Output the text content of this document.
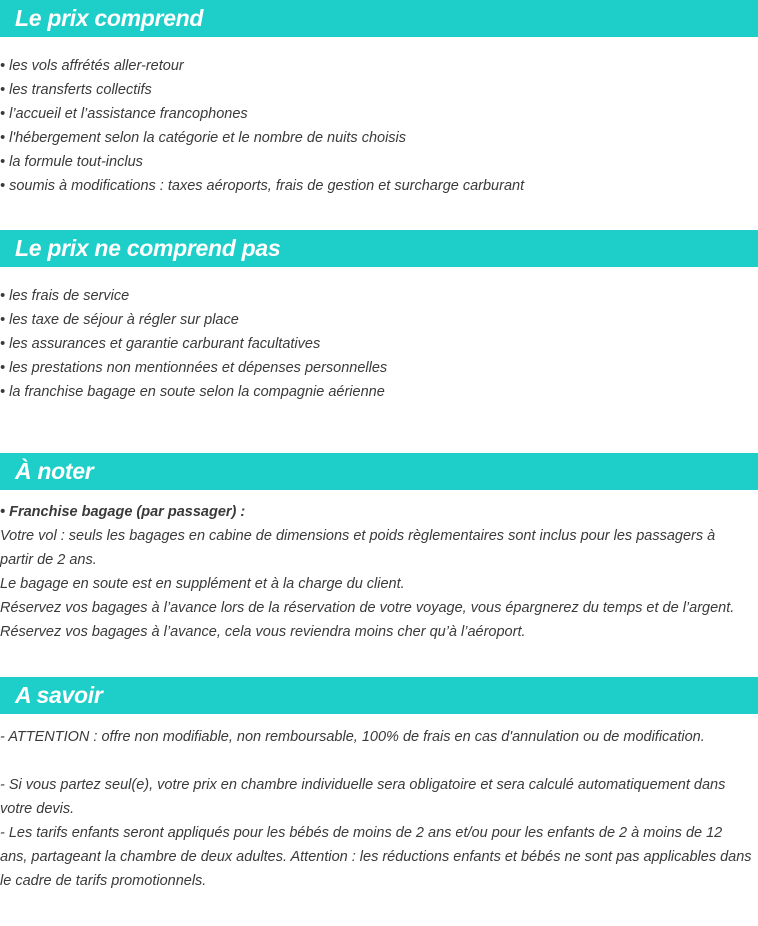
Le prix comprend
• les vols affrétés aller-retour
• les transferts collectifs
• l’accueil et l’assistance francophones
• l'hébergement selon la catégorie et le nombre de nuits choisis
• la formule tout-inclus
• soumis à modifications : taxes aéroports, frais de gestion et surcharge carburant
Le prix ne comprend pas
• les frais de service
• les taxe de séjour à régler sur place
• les assurances et garantie carburant facultatives
• les prestations non mentionnées et dépenses personnelles
• la franchise bagage en soute selon la compagnie aérienne
À noter
• Franchise bagage (par passager) :
Votre vol : seuls les bagages en cabine de dimensions et poids règlementaires sont inclus pour les passagers à partir de 2 ans.
Le bagage en soute est en supplément et à la charge du client.
Réservez vos bagages à l’avance lors de la réservation de votre voyage, vous épargnerez du temps et de l’argent.
Réservez vos bagages à l’avance, cela vous reviendra moins cher qu’à l’aéroport.
A savoir
- ATTENTION : offre non modifiable, non remboursable, 100% de frais en cas d'annulation ou de modification.
- Si vous partez seul(e), votre prix en chambre individuelle sera obligatoire et sera calculé automatiquement dans votre devis.
- Les tarifs enfants seront appliqués pour les bébés de moins de 2 ans et/ou pour les enfants de 2 à moins de 12 ans, partageant la chambre de deux adultes. Attention : les réductions enfants et bébés ne sont pas applicables dans le cadre de tarifs promotionnels.
